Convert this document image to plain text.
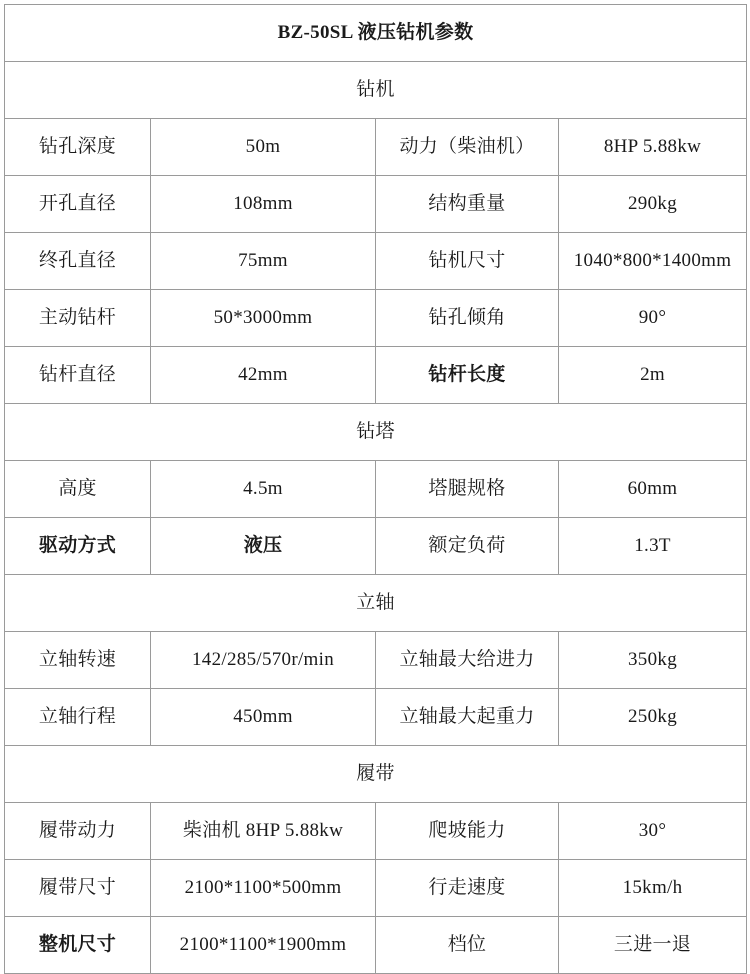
BZ-50SL 液压钻机参数			
钻机			
钻孔深度	50m	动力（柴油机）	8HP 5.88kw
开孔直径	108mm	结构重量	290kg
终孔直径	75mm	钻机尺寸	1040*800*1400mm
主动钻杆	50*3000mm	钻孔倾角	90°
钻杆直径	42mm	钻杆长度	2m
钻塔			
高度	4.5m	塔腿规格	60mm
驱动方式	液压	额定负荷	1.3T
立轴			
立轴转速	142/285/570r/min	立轴最大给进力	350kg
立轴行程	450mm	立轴最大起重力	250kg
履带			
履带动力	柴油机 8HP 5.88kw	爬坡能力	30°
履带尺寸	2100*1100*500mm	行走速度	15km/h
整机尺寸	2100*1100*1900mm	档位	三进一退
